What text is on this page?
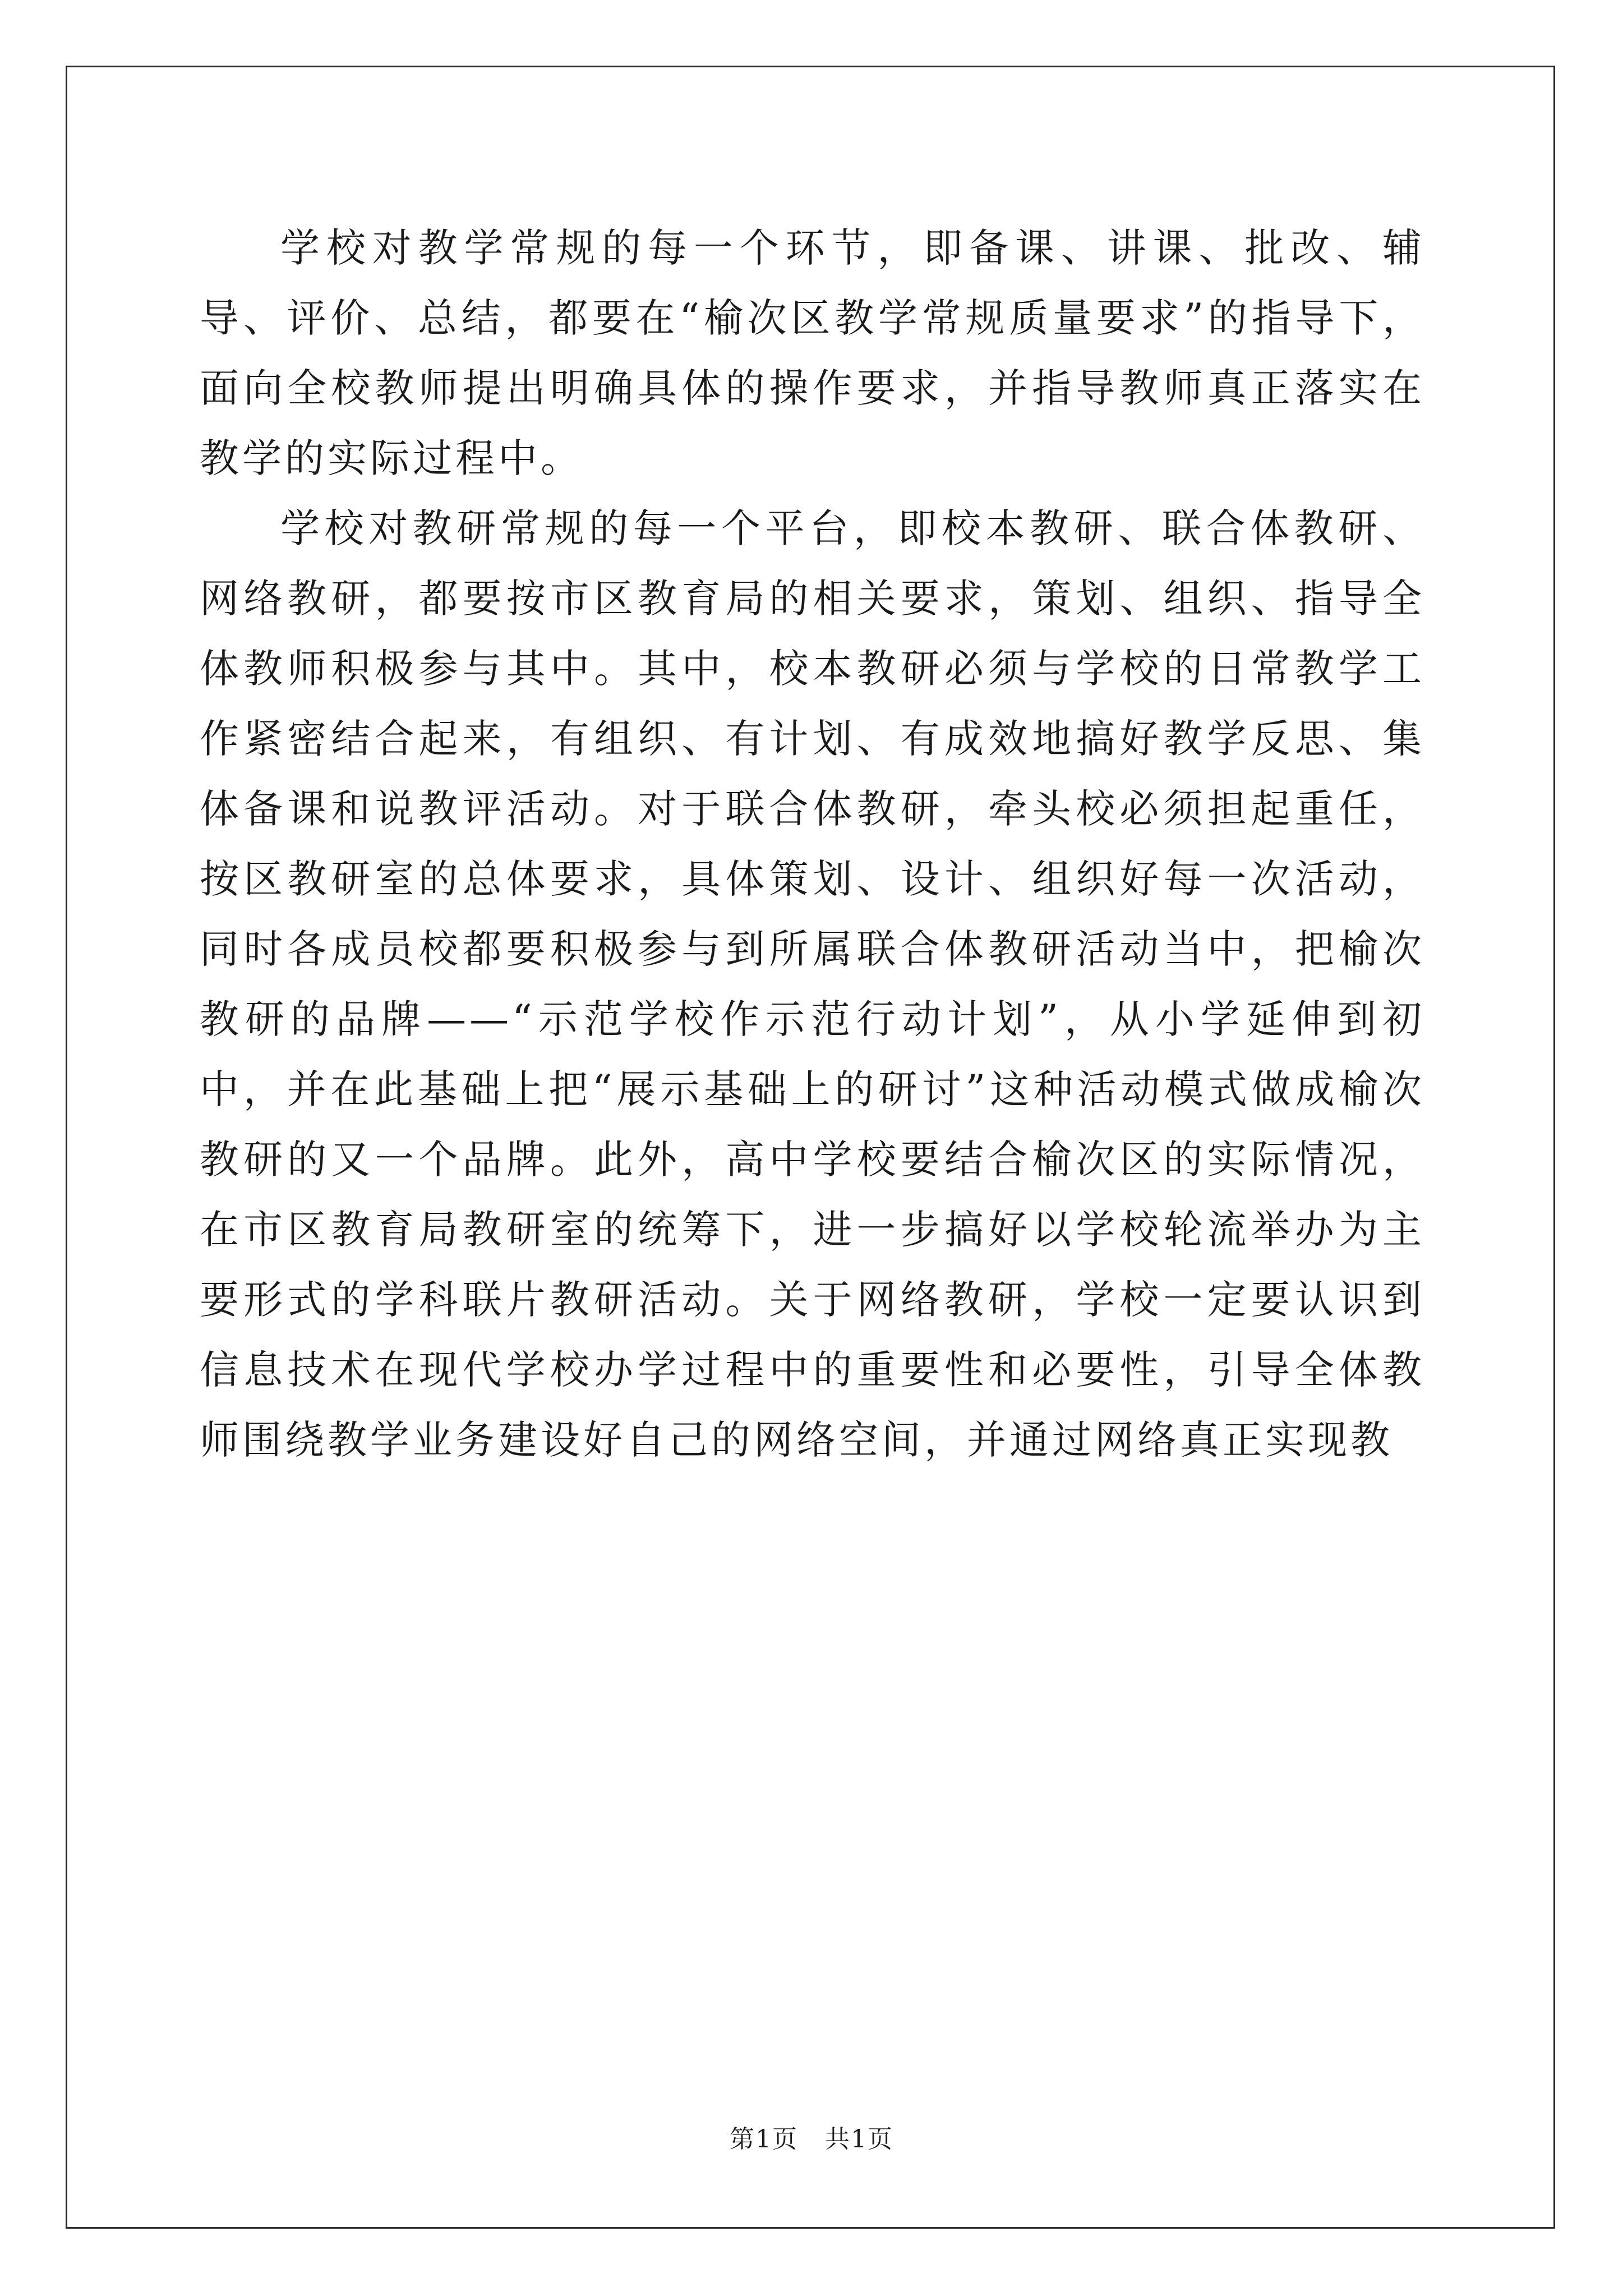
学校对教学常规的每一个环节，即备课、讲课、批改、辅导、评价、总结，都要在“榆次区教学常规质量要求”的指导下，面向全校教师提出明确具体的操作要求，并指导教师真正落实在教学的实际过程中。

学校对教研常规的每一个平台，即校本教研、联合体教研、网络教研，都要按市区教育局的相关要求，策划、组织、指导全体教师积极参与其中。其中，校本教研必须与学校的日常教学工作紧密结合起来，有组织、有计划、有成效地搞好教学反思、集体备课和说教评活动。对于联合体教研，牵头校必须担起重任，按区教研室的总体要求，具体策划、设计、组织好每一次活动，同时各成员校都要积极参与到所属联合体教研活动当中，把榆次教研的品牌——“示范学校作示范行动计划”，从小学延伸到初中，并在此基础上把“展示基础上的研讨”这种活动模式做成榆次教研的又一个品牌。此外，高中学校要结合榆次区的实际情况，在市区教育局教研室的统筹下，进一步搞好以学校轮流举办为主要形式的学科联片教研活动。关于网络教研，学校一定要认识到信息技术在现代学校办学过程中的重要性和必要性，引导全体教师围绕教学业务建设好自己的网络空间，并通过网络真正实现教

第1页 共1页
